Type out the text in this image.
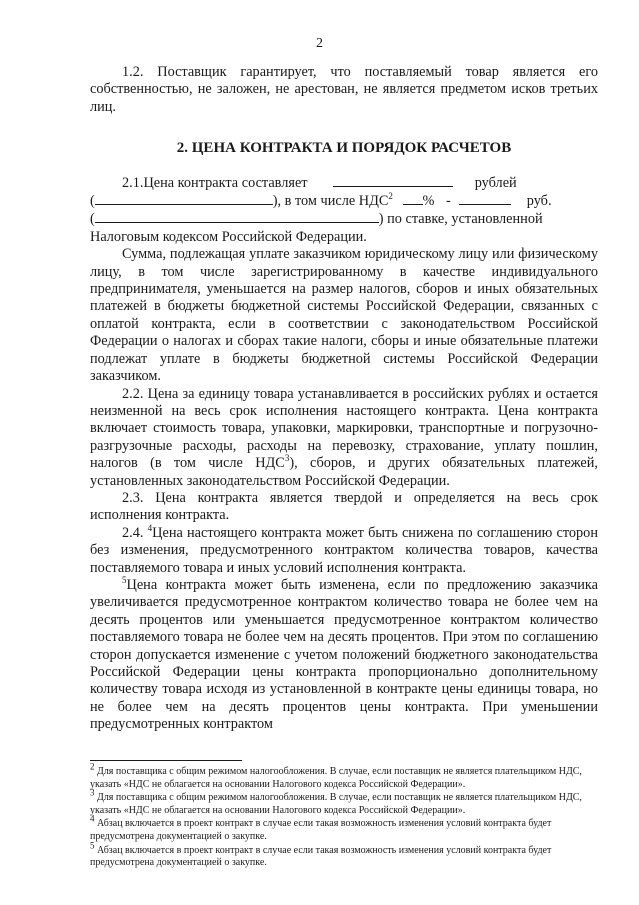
2

1.2. Поставщик гарантирует, что поставляемый товар является его собственностью, не заложен, не арестован, не является предметом исков третьих лиц.

2. ЦЕНА КОНТРАКТА И ПОРЯДОК РАСЧЕТОВ

2.1.Цена контракта составляет	рублей
(	), в том числе НДС$^2$ % -	руб.
(	) по ставке, установленной Налоговым кодексом Российской Федерации.

Сумма, подлежащая уплате заказчиком юридическому лицу или физическому лицу, в том числе зарегистрированному в качестве индивидуального предпринимателя, уменьшается на размер налогов, сборов и иных обязательных платежей в бюджеты бюджетной системы Российской Федерации, связанных с оплатой контракта, если в соответствии с законодательством Российской Федерации о налогах и сборах такие налоги, сборы и иные обязательные платежи подлежат уплате в бюджеты бюджетной системы Российской Федерации заказчиком.

2.2. Цена за единицу товара устанавливается в российских рублях и остается неизменной на весь срок исполнения настоящего контракта. Цена контракта включает стоимость товара, упаковки, маркировки, транспортные и погрузочно-разгрузочные расходы, расходы на перевозку, страхование, уплату пошлин, налогов (в том числе НДС$^3$), сборов, и других обязательных платежей, установленных законодательством Российской Федерации.

2.3. Цена контракта является твердой и определяется на весь срок исполнения контракта.

2.4. $^4$Цена настоящего контракта может быть снижена по соглашению сторон без изменения, предусмотренного контрактом количества товаров, качества поставляемого товара и иных условий исполнения контракта.

$^5$Цена контракта может быть изменена, если по предложению заказчика увеличивается предусмотренное контрактом количество товара не более чем на десять процентов или уменьшается предусмотренное контрактом количество поставляемого товара не более чем на десять процентов. При этом по соглашению сторон допускается изменение с учетом положений бюджетного законодательства Российской Федерации цены контракта пропорционально дополнительному количеству товара исходя из установленной в контракте цены единицы товара, но не более чем на десять процентов цены контракта. При уменьшении предусмотренных контрактом

$^2$ Для поставщика с общим режимом налогообложения. В случае, если поставщик не является плательщиком НДС, указать «НДС не облагается на основании Налогового кодекса Российской Федерации».

$^3$ Для поставщика с общим режимом налогообложения. В случае, если поставщик не является плательщиком НДС, указать «НДС не облагается на основании Налогового кодекса Российской Федерации».

$^4$ Абзац включается в проект контракт в случае если такая возможность изменения условий контракта будет предусмотрена документацией о закупке.

$^5$ Абзац включается в проект контракт в случае если такая возможность изменения условий контракта будет предусмотрена документацией о закупке.
